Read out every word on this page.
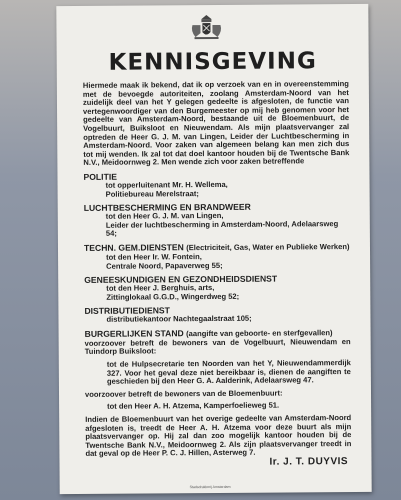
KENNISGEVING

Hiermede maak ik bekend, dat ik op verzoek van en in overeenstemming met de bevoegde autoriteiten, zoolang Amsterdam-Noord van het zuidelijk deel van het Y gelegen gedeelte is afgesloten, de functie van vertegenwoordiger van den Burgemeester op mij heb genomen voor het gedeelte van Amsterdam-Noord, bestaande uit de Bloemenbuurt, de Vogelbuurt, Buiksloot en Nieuwendam. Als mijn plaatsvervanger zal optreden de Heer G. J. M. van Lingen, Leider der Luchtbescherming in Amsterdam-Noord. Voor zaken van algemeen belang kan men zich dus tot mij wenden. Ik zal tot dat doel kantoor houden bij de Twentsche Bank N.V., Meidoornweg 2. Men wende zich voor zaken betreffende

POLITIE

tot opperluitenant Mr. H. Wellema,

Politiebureau Merelstraat;

LUCHTBESCHERMING EN BRANDWEER

tot den Heer G. J. M. van Lingen,

Leider der luchtbescherming in Amsterdam-Noord, Adelaarsweg 54;

TECHN. GEM.DIENSTEN (Electriciteit, Gas, Water en Publieke Werken)

tot den Heer Ir. W. Fontein,

Centrale Noord, Papaverweg 55;

GENEESKUNDIGEN EN GEZONDHEIDSDIENST

tot den Heer J. Berghuis, arts,

Zittinglokaal G.G.D., Wingerdweg 52;

DISTRIBUTIEDIENST

distributiekantoor Nachtegaalstraat 105;

BURGERLIJKEN STAND (aangifte van geboorte- en sterfgevallen)

voorzoover betreft de bewoners van de Vogelbuurt, Nieuwendam en Tuindorp Buiksloot:

tot de Hulpsecretarie ten Noorden van het Y, Nieuwendammerdijk 327. Voor het geval deze niet bereikbaar is, dienen de aangiften te geschieden bij den Heer G. A. Aalderink, Adelaarsweg 47.

voorzoover betreft de bewoners van de Bloemenbuurt:

tot den Heer A. H. Atzema, Kamperfoelieweg 51.

Indien de Bloemenbuurt van het overige gedeelte van Amsterdam-Noord afgesloten is, treedt de Heer A. H. Atzema voor deze buurt als mijn plaatsvervanger op. Hij zal dan zoo mogelijk kantoor houden bij de Twentsche Bank N.V., Meidoornweg 2. Als zijn plaatsvervanger treedt in dat geval op de Heer P. C. J. Hillen, Asterweg 7.

Ir. J. T. DUYVIS
Stadsdrukkerij Amsterdam
